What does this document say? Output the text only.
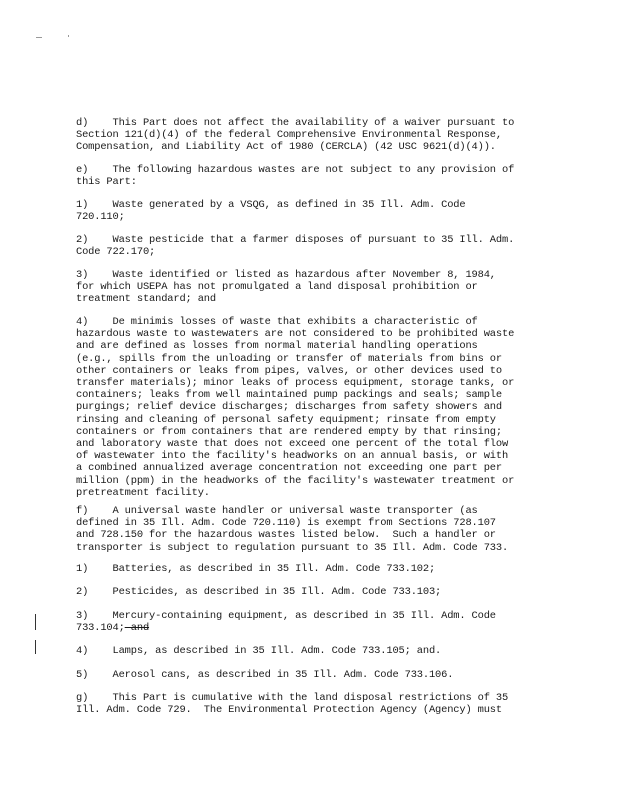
d)    This Part does not affect the availability of a waiver pursuant to
Section 121(d)(4) of the federal Comprehensive Environmental Response,
Compensation, and Liability Act of 1980 (CERCLA) (42 USC 9621(d)(4)).

e)    The following hazardous wastes are not subject to any provision of
this Part:

1)    Waste generated by a VSQG, as defined in 35 Ill. Adm. Code
720.110;

2)    Waste pesticide that a farmer disposes of pursuant to 35 Ill. Adm.
Code 722.170;

3)    Waste identified or listed as hazardous after November 8, 1984,
for which USEPA has not promulgated a land disposal prohibition or
treatment standard; and

4)    De minimis losses of waste that exhibits a characteristic of
hazardous waste to wastewaters are not considered to be prohibited waste
and are defined as losses from normal material handling operations
(e.g., spills from the unloading or transfer of materials from bins or
other containers or leaks from pipes, valves, or other devices used to
transfer materials); minor leaks of process equipment, storage tanks, or
containers; leaks from well maintained pump packings and seals; sample
purgings; relief device discharges; discharges from safety showers and
rinsing and cleaning of personal safety equipment; rinsate from empty
containers or from containers that are rendered empty by that rinsing;
and laboratory waste that does not exceed one percent of the total flow
of wastewater into the facility's headworks on an annual basis, or with
a combined annualized average concentration not exceeding one part per
million (ppm) in the headworks of the facility's wastewater treatment or
pretreatment facility.

f)    A universal waste handler or universal waste transporter (as
defined in 35 Ill. Adm. Code 720.110) is exempt from Sections 728.107
and 728.150 for the hazardous wastes listed below.  Such a handler or
transporter is subject to regulation pursuant to 35 Ill. Adm. Code 733.

1)    Batteries, as described in 35 Ill. Adm. Code 733.102;

2)    Pesticides, as described in 35 Ill. Adm. Code 733.103;

3)    Mercury-containing equipment, as described in 35 Ill. Adm. Code
733.104; and

4)    Lamps, as described in 35 Ill. Adm. Code 733.105; and.

5)    Aerosol cans, as described in 35 Ill. Adm. Code 733.106.

g)    This Part is cumulative with the land disposal restrictions of 35
Ill. Adm. Code 729.  The Environmental Protection Agency (Agency) must
